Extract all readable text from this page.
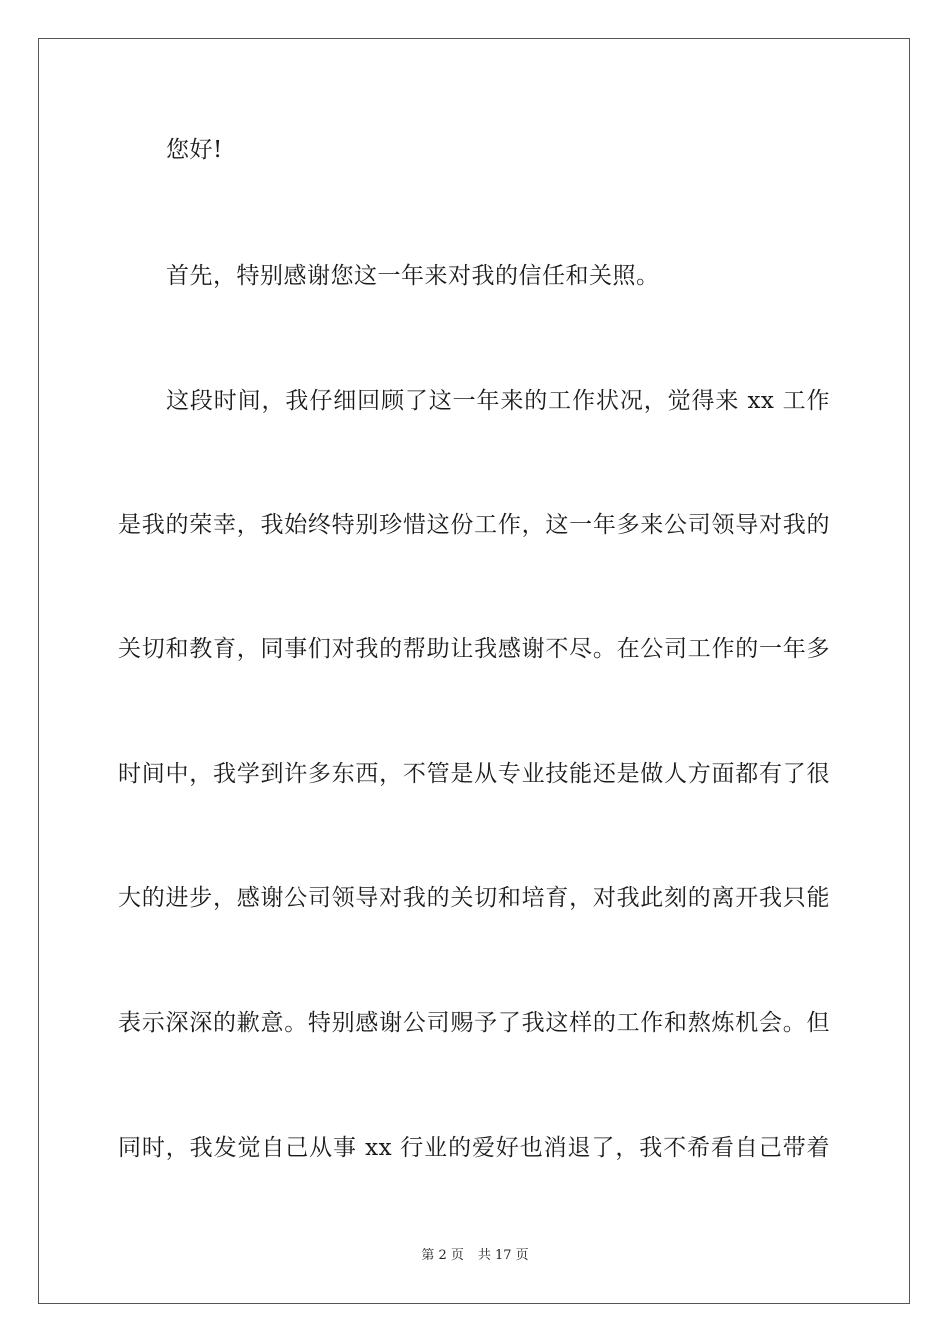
您好!
首先，特别感谢您这一年来对我的信任和关照。
这段时间，我仔细回顾了这一年来的工作状况，觉得来 xx 工作
是我的荣幸，我始终特别珍惜这份工作，这一年多来公司领导对我的
关切和教育，同事们对我的帮助让我感谢不尽。在公司工作的一年多
时间中，我学到许多东西，不管是从专业技能还是做人方面都有了很
大的进步，感谢公司领导对我的关切和培育，对我此刻的离开我只能
表示深深的歉意。特别感谢公司赐予了我这样的工作和熬炼机会。但
同时，我发觉自己从事 xx 行业的爱好也消退了，我不希看自己带着
第 2 页 共 17 页
